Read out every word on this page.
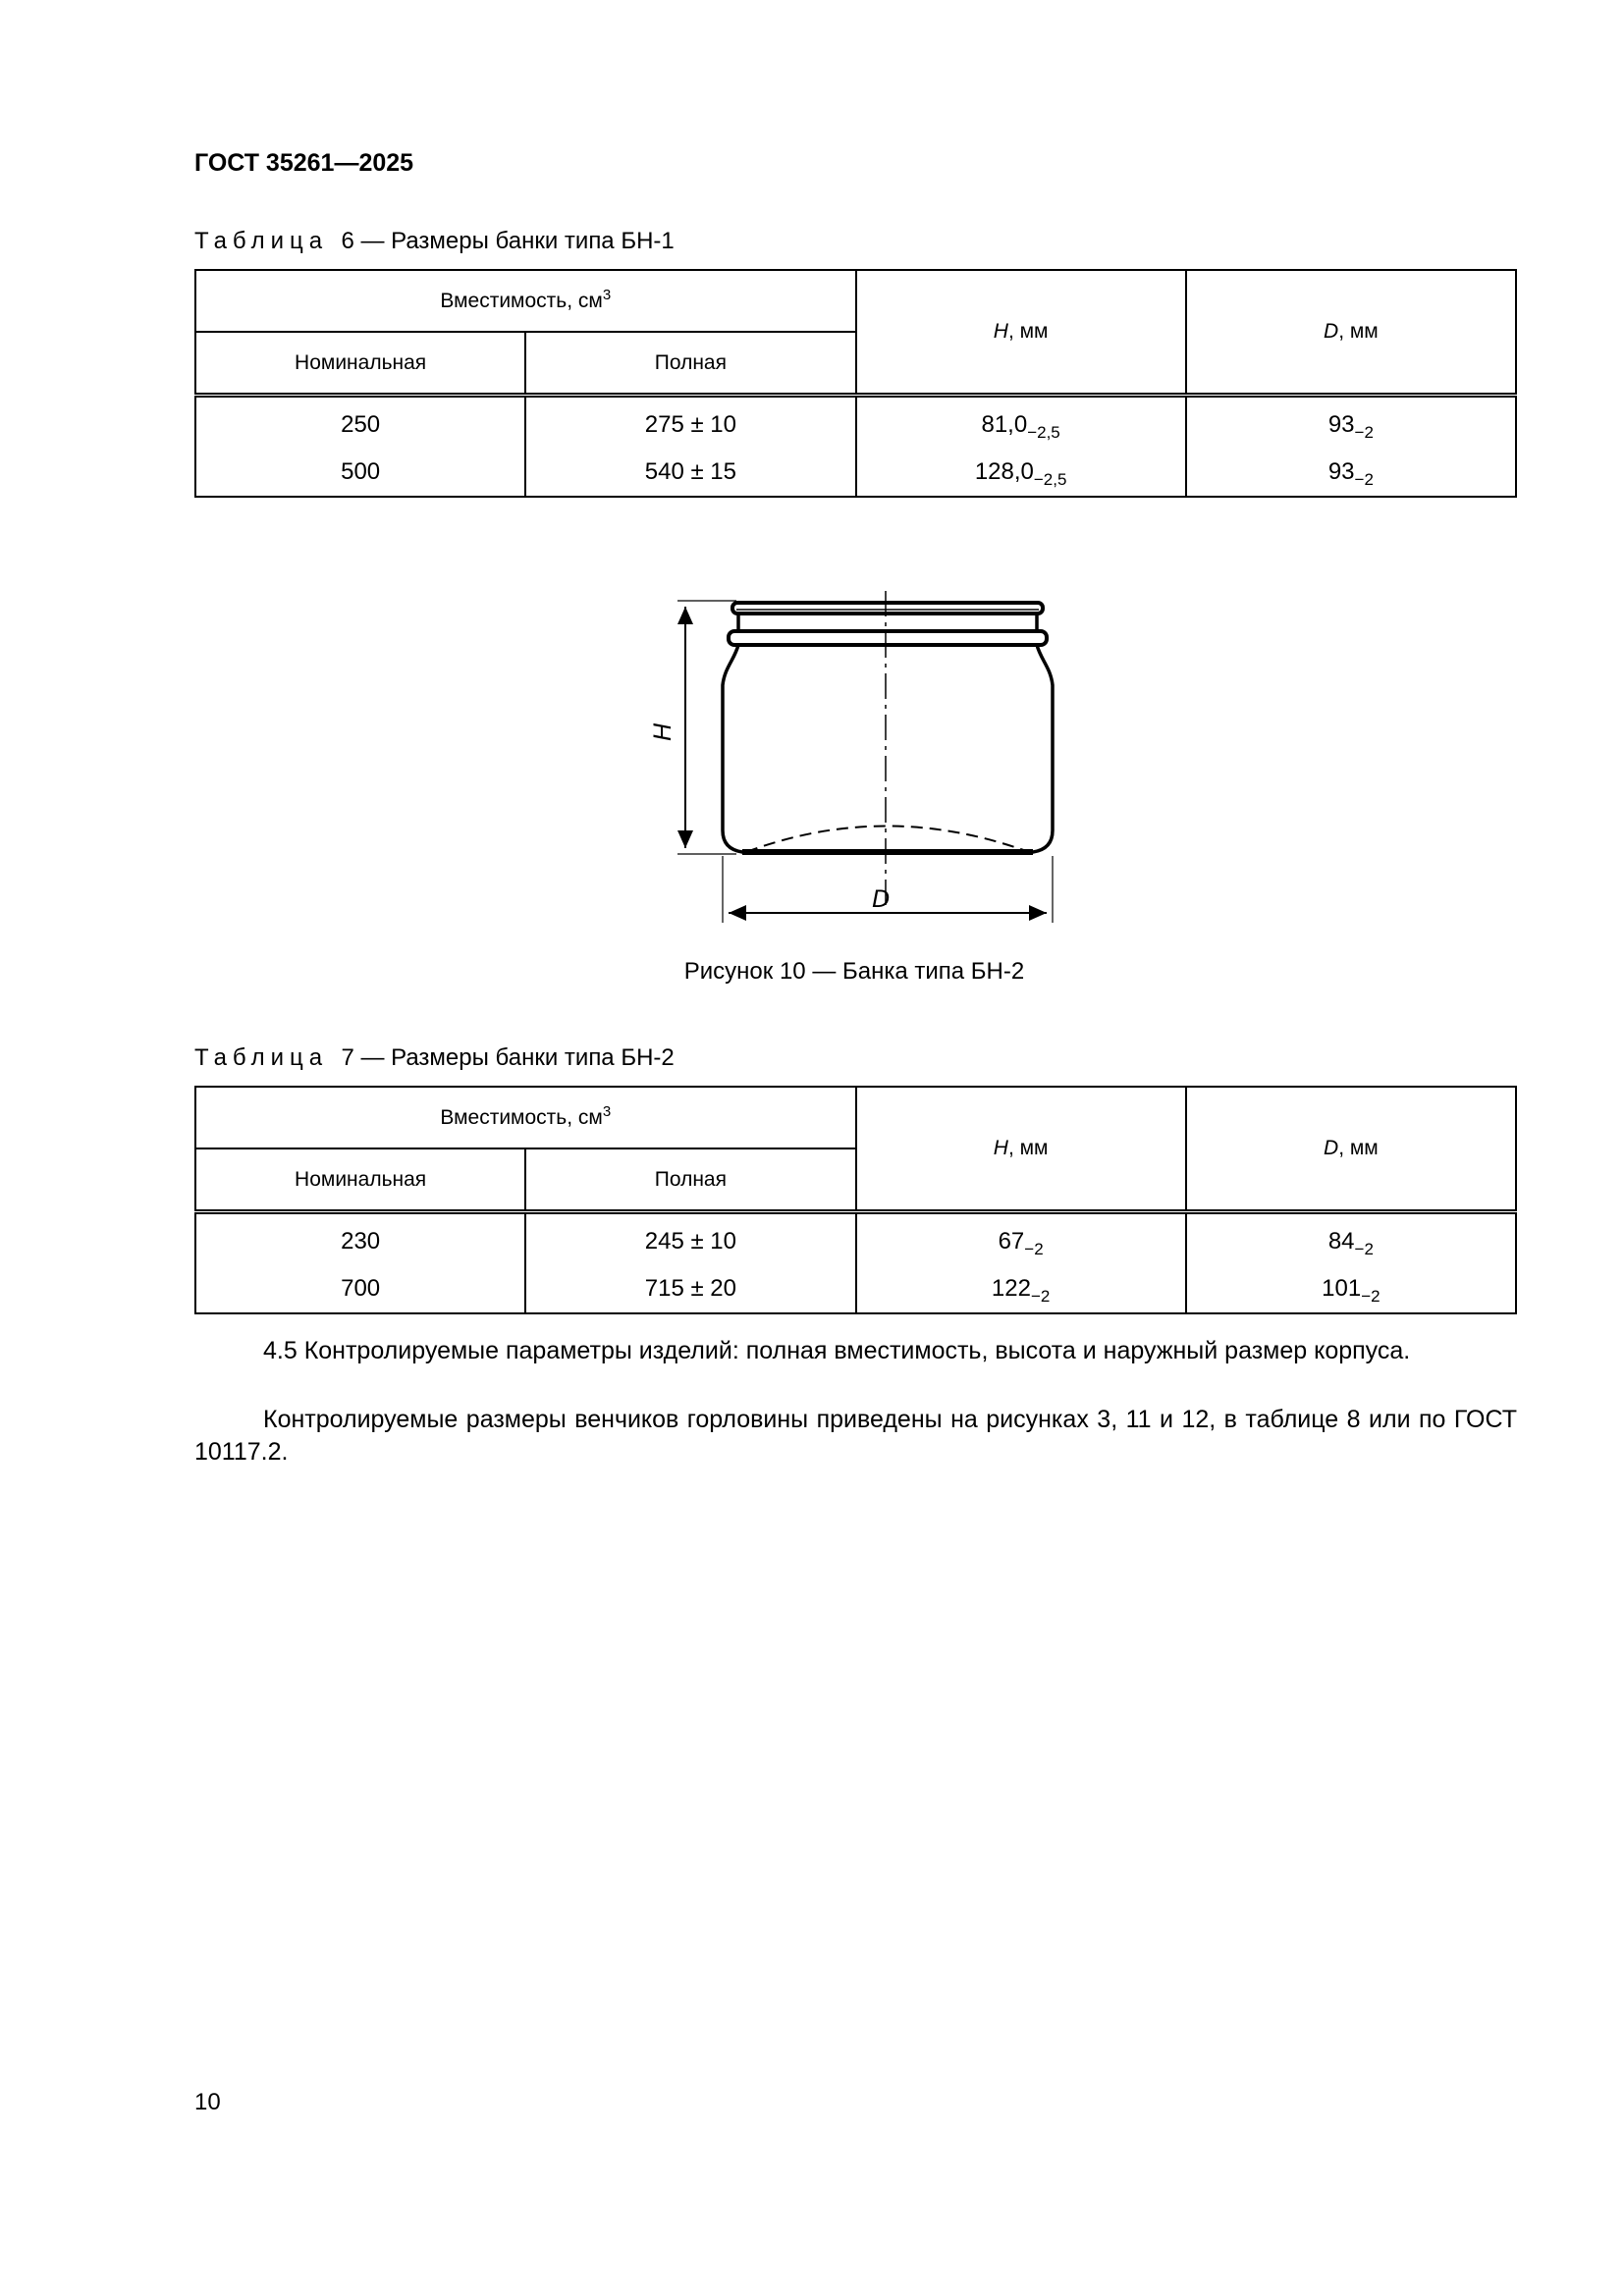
ГОСТ 35261—2025
Таблица 6 — Размеры банки типа БН-1
Вместимость, $см^3$		H, мм	D, мм
Номинальная	Полная		
250	275 ± 10	$81,0_{-2,5}$	$93_{-2}$
500	540 ± 15	$128,0_{-2,5}$	$93_{-2}$
H
D
Рисунок 10 — Банка типа БН-2
Таблица 7 — Размеры банки типа БН-2
Вместимость, $см^3$		H, мм	D, мм
Номинальная	Полная		
230	245 ± 10	$67_{-2}$	$84_{-2}$
700	715 ± 20	$122_{-2}$	$101_{-2}$

4.5 Контролируемые параметры изделий: полная вместимость, высота и наружный размер корпуса.

Контролируемые размеры венчиков горловины приведены на рисунках 3, 11 и 12, в таблице 8 или по ГОСТ 10117.2.

10
